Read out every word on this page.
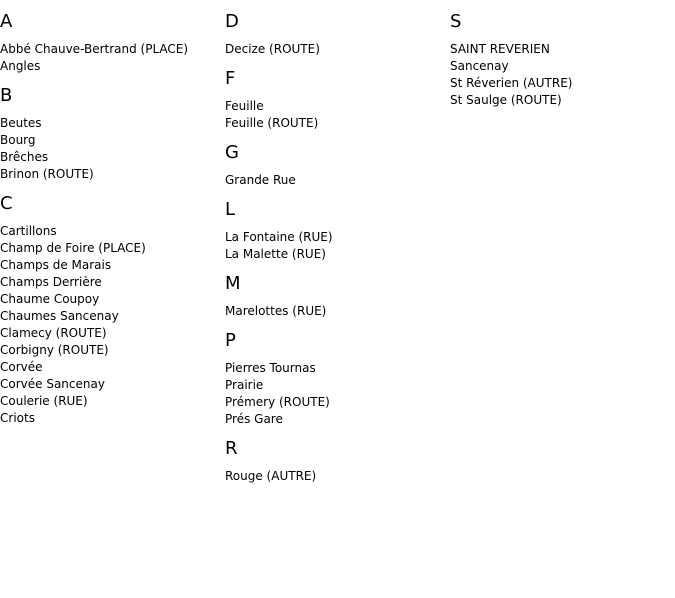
A
Abbé Chauve-Bertrand (PLACE)
Angles
B
Beutes
Bourg
Brêches
Brinon (ROUTE)
C
Cartillons
Champ de Foire (PLACE)
Champs de Marais
Champs Derrière
Chaume Coupoy
Chaumes Sancenay
Clamecy (ROUTE)
Corbigny (ROUTE)
Corvée
Corvée Sancenay
Coulerie (RUE)
Criots
D
Decize (ROUTE)
F
Feuille
Feuille (ROUTE)
G
Grande Rue
L
La Fontaine (RUE)
La Malette (RUE)
M
Marelottes (RUE)
P
Pierres Tournas
Prairie
Prémery (ROUTE)
Prés Gare
R
Rouge (AUTRE)
S
SAINT REVERIEN
Sancenay
St Réverien (AUTRE)
St Saulge (ROUTE)
